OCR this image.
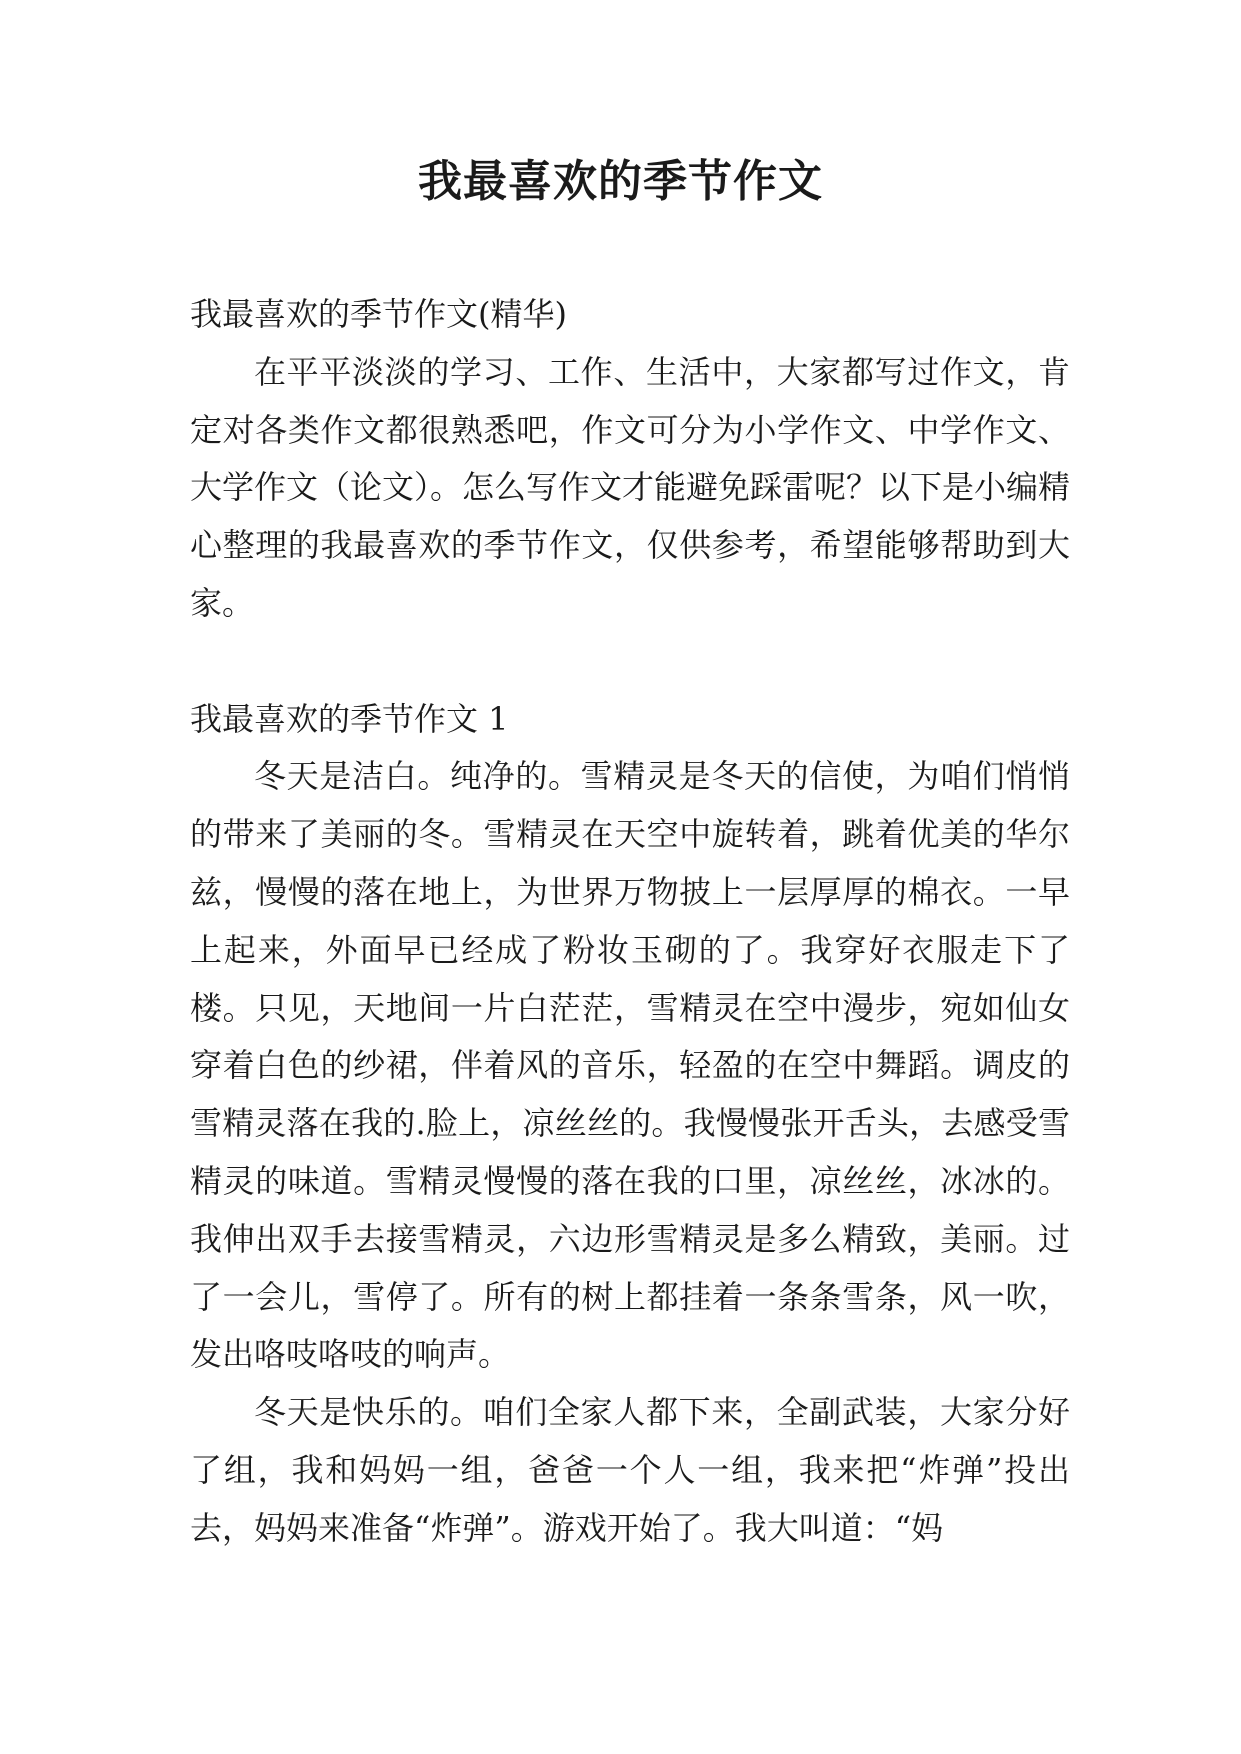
我最喜欢的季节作文

我最喜欢的季节作文(精华)

在平平淡淡的学习、工作、生活中，大家都写过作文，肯定对各类作文都很熟悉吧，作文可分为小学作文、中学作文、大学作文（论文）。怎么写作文才能避免踩雷呢？以下是小编精心整理的我最喜欢的季节作文，仅供参考，希望能够帮助到大家。

我最喜欢的季节作文 1

冬天是洁白。纯净的。雪精灵是冬天的信使，为咱们悄悄的带来了美丽的冬。雪精灵在天空中旋转着，跳着优美的华尔兹，慢慢的落在地上，为世界万物披上一层厚厚的棉衣。一早上起来，外面早已经成了粉妆玉砌的了。我穿好衣服走下了楼。只见，天地间一片白茫茫，雪精灵在空中漫步，宛如仙女穿着白色的纱裙，伴着风的音乐，轻盈的在空中舞蹈。调皮的雪精灵落在我的.脸上，凉丝丝的。我慢慢张开舌头，去感受雪精灵的味道。雪精灵慢慢的落在我的口里，凉丝丝，冰冰的。我伸出双手去接雪精灵，六边形雪精灵是多么精致，美丽。过了一会儿，雪停了。所有的树上都挂着一条条雪条，风一吹，发出咯吱咯吱的响声。

冬天是快乐的。咱们全家人都下来，全副武装，大家分好了组，我和妈妈一组，爸爸一个人一组，我来把“炸弹”投出去，妈妈来准备“炸弹”。游戏开始了。我大叫道：“妈
